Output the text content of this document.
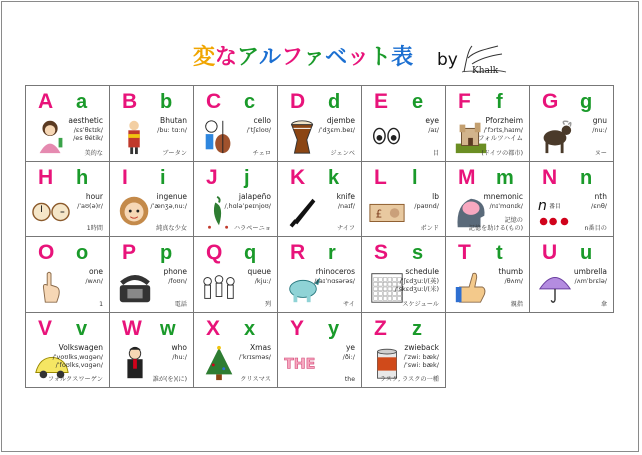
変なアルファベット表 by
Khalk
A a
aesthetic
/ɛsˈθɛtɪk/
/es θétik/
美的な
B b
Bhutan
/bu: tɑ:n/
ブータン
C c
cello
/ˈtʃɛloʊ/
チェロ
D d
djembe
/ˈdʒɛm.beɪ/
ジェンベ
E e
eye
/aɪ/
目
F f
Pforzheim
/ˈfɔrtsˌhaɪm/
フォルツハイム
(ドイツの都市)
G g
gnu
/nu:/
ヌー
H h
hour
/ˈaʊ(ə)r/
1時間
I i
ingenue
/ˈænʒəˌnu:/
純真な少女
J j
jalapeño
/ˌhɑləˈpeɪnjoʊ/
ハラペーニョ
K k
knife
/naɪf/
ナイフ
L l
£
lb
/paʊnd/
ポンド
M m
mnemonic
/nɪˈmɑnɪk/
記憶の
記憶を助ける(もの)
N n
n 番目
nth
/ɛnθ/
n番目の
O o
one
/wʌn/
1
P p
phone
/foʊn/
電話
Q q
queue
/kju:/
列
R r
rhinoceros
/raɪˈnɑsərəs/
サイ
S s
schedule
/ˈʃɛdʒuːl/(英)
/ˈskɛdʒuːl/(米)
スケジュール
T t
thumb
/θʌm/
親指
U u
umbrella
/ʌmˈbrɛlə/
傘
V v
Volkswagen
/ˈvoʊlksˌwɑgən/
/ˈfoʊlksˌvɑgən/
フォルクスワーゲン
W w
who
/hu:/
誰が(を)(に)
X x
Xmas
/ˈkrɪsməs/
クリスマス
Y y
THE
ye
/ði:/
the
Z z
zwieback
/ˈzwi: bæk/
/ˈswi: bæk/
ラスク, ラスクの一種
